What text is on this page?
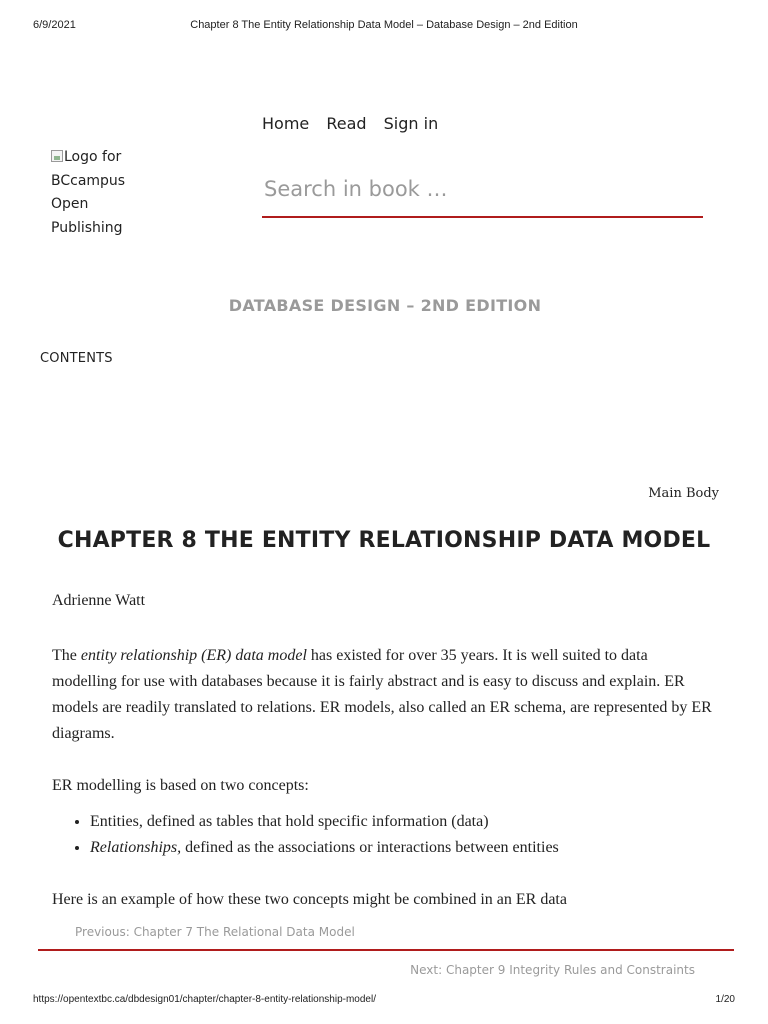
6/9/2021	Chapter 8 The Entity Relationship Data Model – Database Design – 2nd Edition
Home Read Sign in
Logo for BCcampus Open Publishing
Search in book …
DATABASE DESIGN – 2ND EDITION
CONTENTS
Main Body
CHAPTER 8 THE ENTITY RELATIONSHIP DATA MODEL
Adrienne Watt

The entity relationship (ER) data model has existed for over 35 years. It is well suited to data modelling for use with databases because it is fairly abstract and is easy to discuss and explain. ER models are readily translated to relations. ER models, also called an ER schema, are represented by ER diagrams.

ER modelling is based on two concepts:

• Entities, defined as tables that hold specific information (data)
• Relationships, defined as the associations or interactions between entities

Here is an example of how these two concepts might be combined in an ER data

Previous: Chapter 7 The Relational Data Model
Next: Chapter 9 Integrity Rules and Constraints
https://opentextbc.ca/dbdesign01/chapter/chapter-8-entity-relationship-model/	1/20
